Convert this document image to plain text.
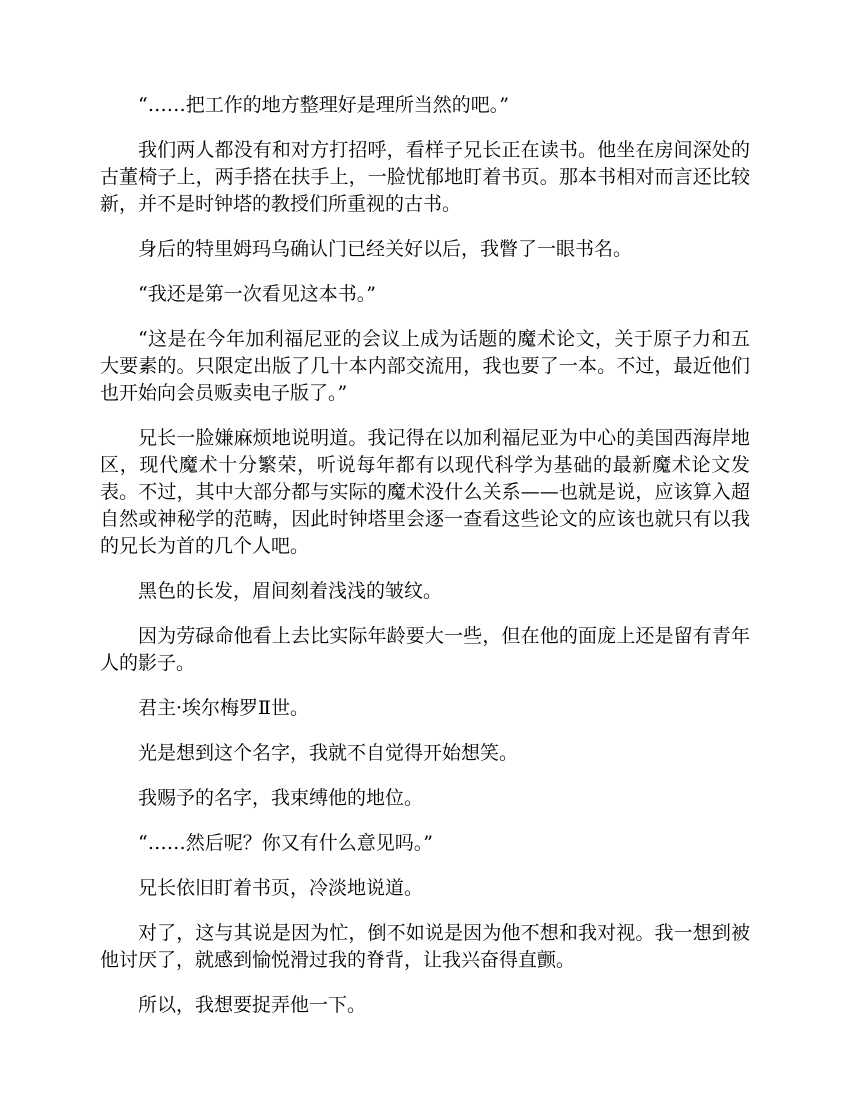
“……把工作的地方整理好是理所当然的吧。”

我们两人都没有和对方打招呼，看样子兄长正在读书。他坐在房间深处的古董椅子上，两手搭在扶手上，一脸忧郁地盯着书页。那本书相对而言还比较新，并不是时钟塔的教授们所重视的古书。

身后的特里姆玛乌确认门已经关好以后，我瞥了一眼书名。

“我还是第一次看见这本书。”

“这是在今年加利福尼亚的会议上成为话题的魔术论文，关于原子力和五大要素的。只限定出版了几十本内部交流用，我也要了一本。不过，最近他们也开始向会员贩卖电子版了。”

兄长一脸嫌麻烦地说明道。我记得在以加利福尼亚为中心的美国西海岸地区，现代魔术十分繁荣，听说每年都有以现代科学为基础的最新魔术论文发表。不过，其中大部分都与实际的魔术没什么关系——也就是说，应该算入超自然或神秘学的范畴，因此时钟塔里会逐一查看这些论文的应该也就只有以我的兄长为首的几个人吧。

黑色的长发，眉间刻着浅浅的皱纹。

因为劳碌命他看上去比实际年龄要大一些，但在他的面庞上还是留有青年人的影子。

君主·埃尔梅罗Ⅱ世。

光是想到这个名字，我就不自觉得开始想笑。

我赐予的名字，我束缚他的地位。

“……然后呢？你又有什么意见吗。”

兄长依旧盯着书页，冷淡地说道。

对了，这与其说是因为忙，倒不如说是因为他不想和我对视。我一想到被他讨厌了，就感到愉悦滑过我的脊背，让我兴奋得直颤。

所以，我想要捉弄他一下。
